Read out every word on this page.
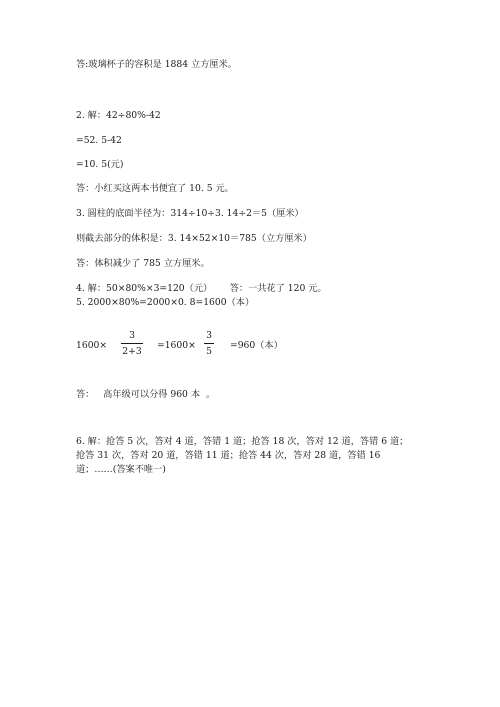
答:玻璃杯子的容积是 1884 立方厘米。
2. 解：42÷80%-42
=52. 5-42
=10. 5(元)
答：小红买这两本书便宜了 10. 5 元。
3. 圆柱的底面半径为：314÷10÷3. 14÷2＝5（厘米）
则截去部分的体积是：3. 14×52×10＝785（立方厘米）
答：体积减少了 785 立方厘米。
4. 解：50×80%×3=120（元）      答：一共花了 120 元。
5. 2000×80%=2000×0. 8=1600（本）
1600×
3
2+3
=1600×
3
5
=960（本）
答：   高年级可以分得 960 本  。
6. 解：抢答 5 次，答对 4 道，答错 1 道；抢答 18 次，答对 12 道，答错 6 道；
抢答 31 次，答对 20 道，答错 11 道；抢答 44 次，答对 28 道，答错 16
道；……(答案不唯一)
